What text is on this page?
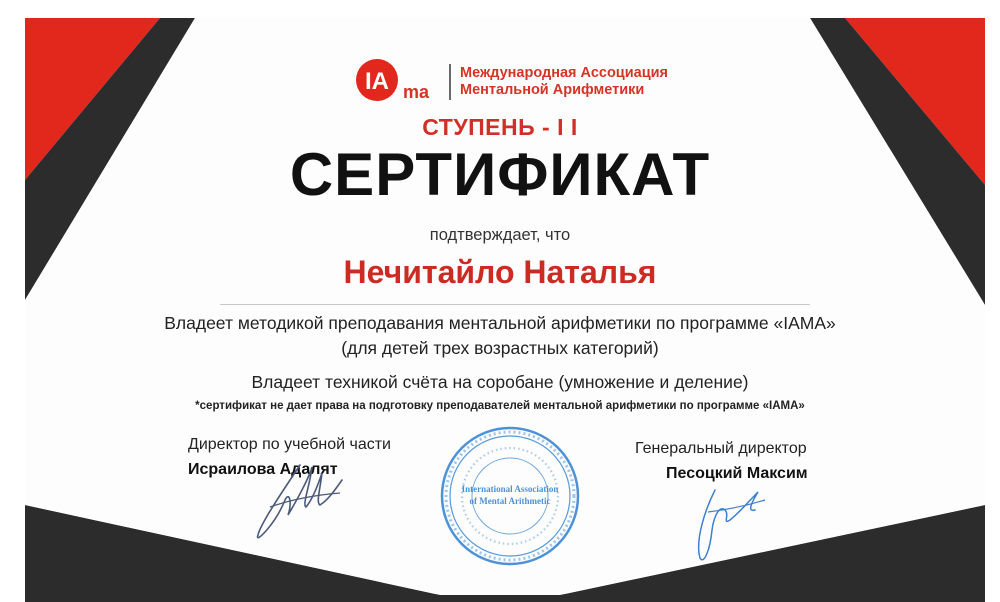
IA ma
Международная Ассоциация
Ментальной Арифметики
СТУПЕНЬ - I I
СЕРТИФИКАТ
подтверждает, что
Нечитайло Наталья
Владеет методикой преподавания ментальной арифметики по программе «IAMA»
(для детей трех возрастных категорий)
Владеет техникой счёта на соробане (умножение и деление)
*сертификат не дает права на подготовку преподавателей ментальной арифметики по программе «IAMA»
Директор по учебной части
Исраилова Адалят
Генеральный директор
Песоцкий Максим
International Association
of Mental Arithmetic
